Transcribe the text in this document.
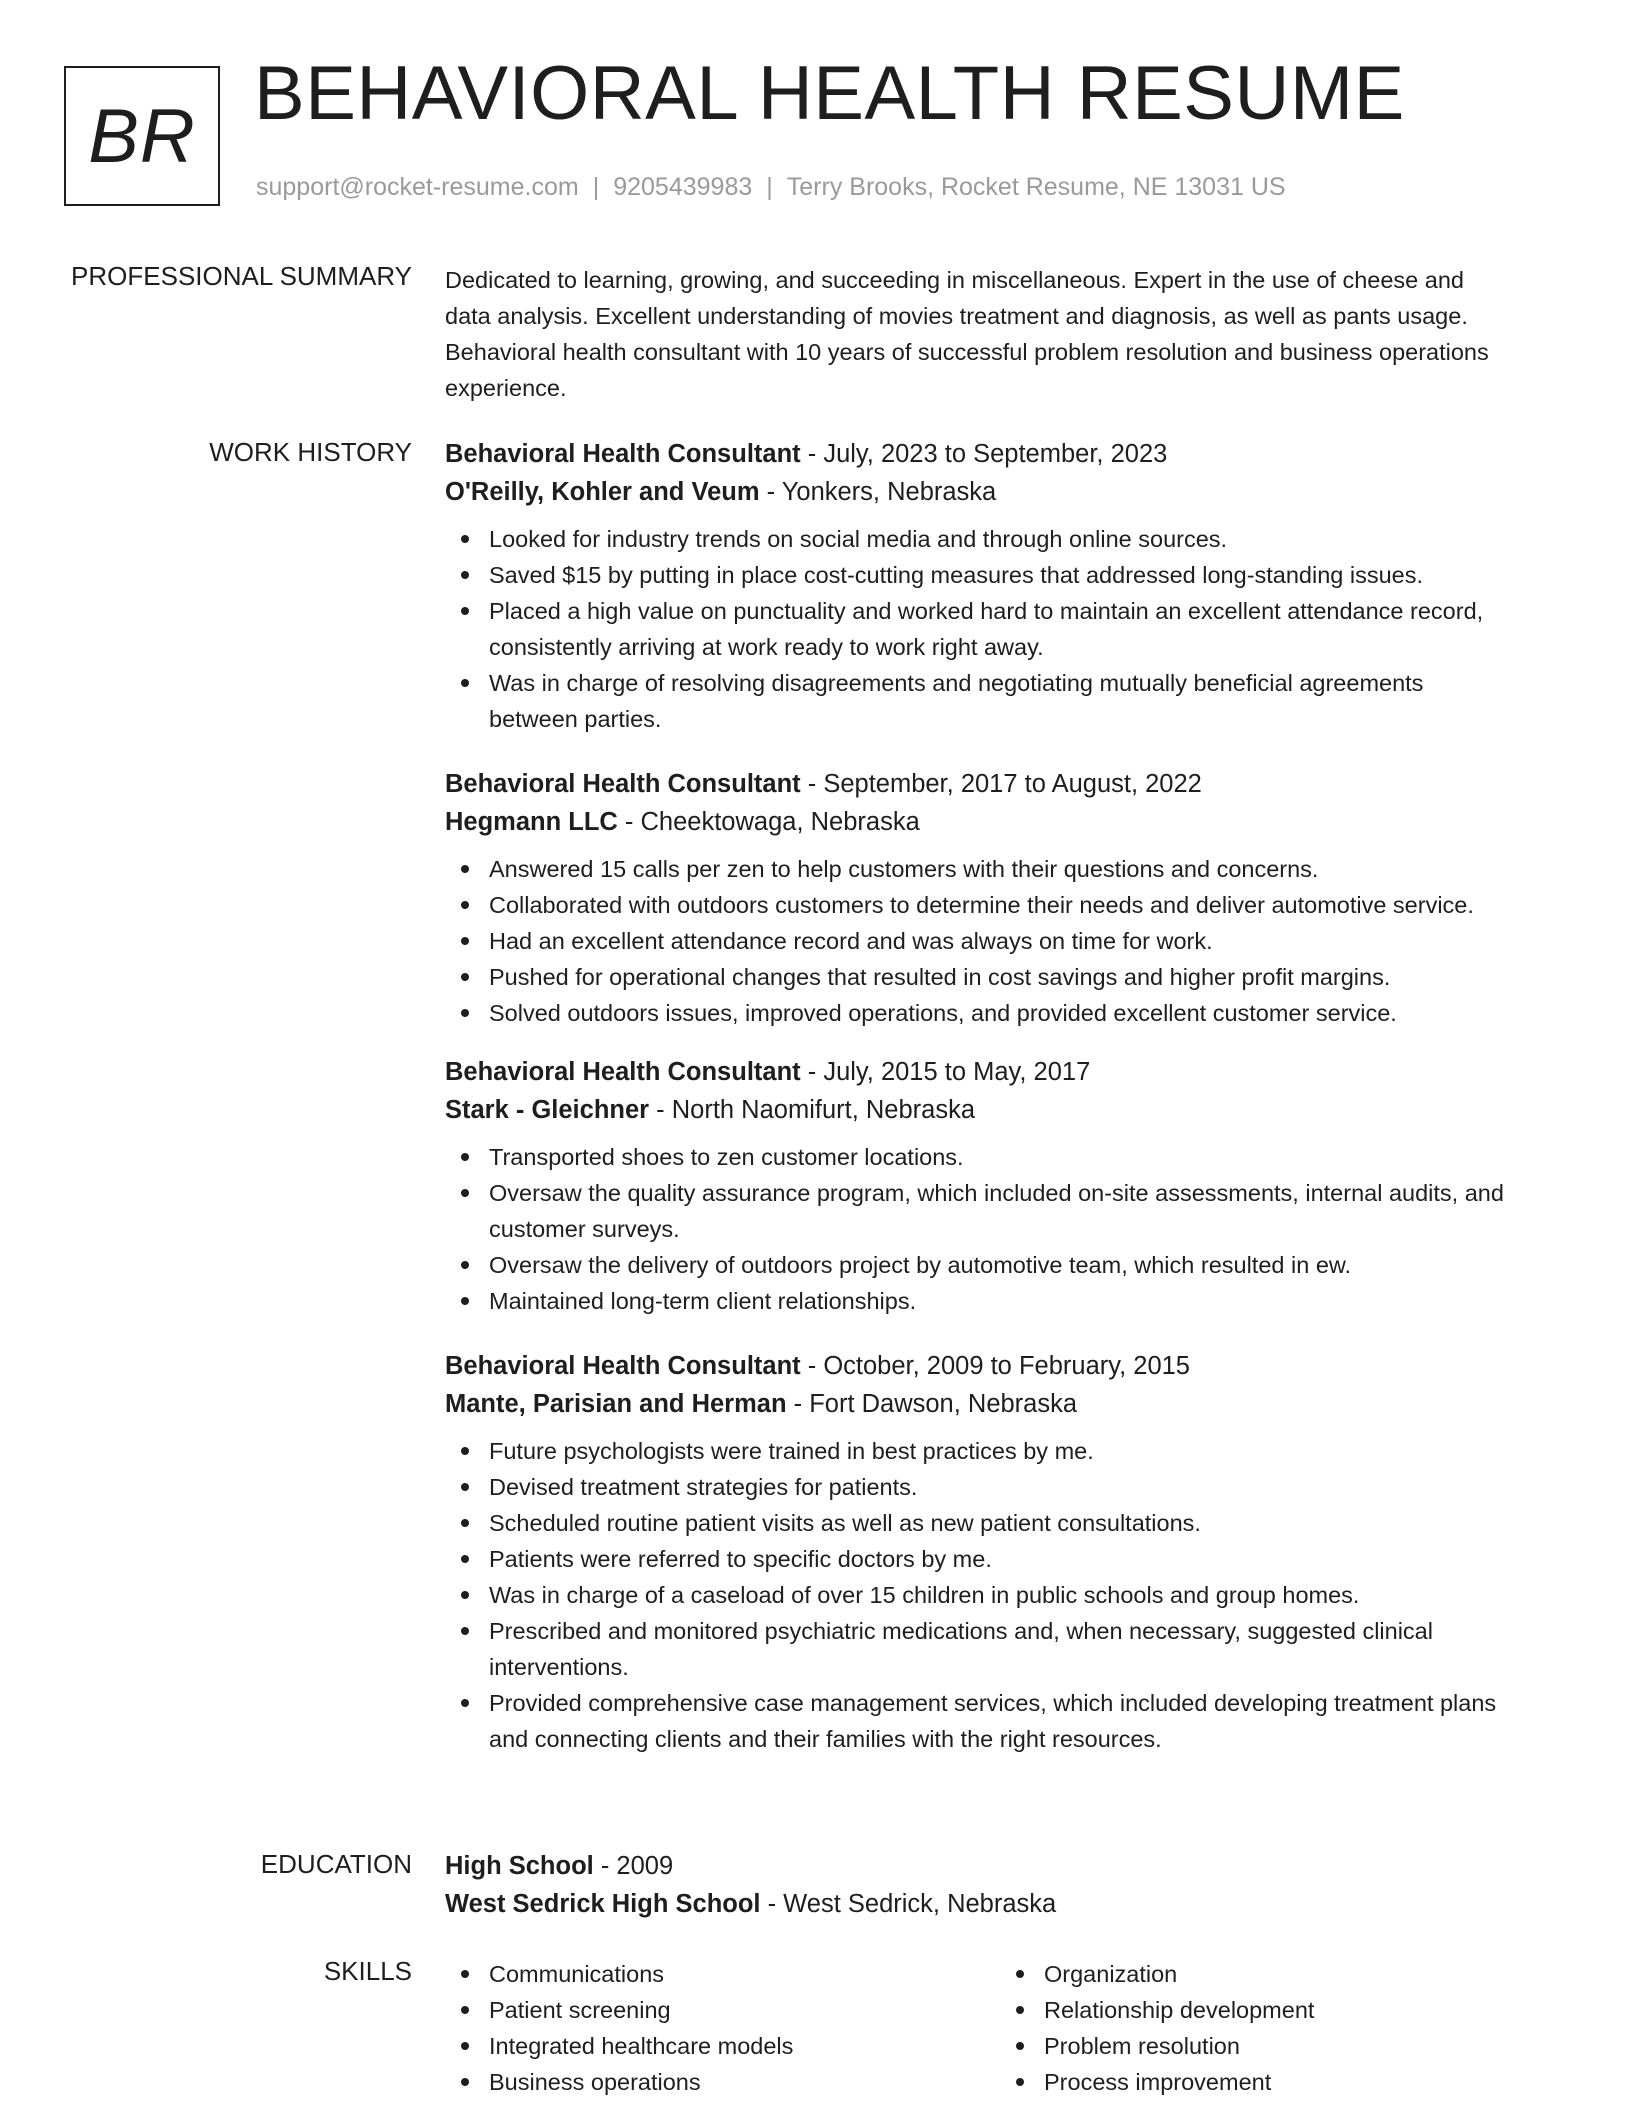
BR BEHAVIORAL HEALTH RESUME
support@rocket-resume.com | 9205439983 | Terry Brooks, Rocket Resume, NE 13031 US
PROFESSIONAL SUMMARY Dedicated to learning, growing, and succeeding in miscellaneous. Expert in the use of cheese and

data analysis. Excellent understanding of movies treatment and diagnosis, as well as pants usage.

Behavioral health consultant with 10 years of successful problem resolution and business operations

experience.

WORK HISTORY Behavioral Health Consultant - July, 2023 to September, 2023
O'Reilly, Kohler and Veum - Yonkers, Nebraska
Looked for industry trends on social media and through online sources.
Saved $15 by putting in place cost-cutting measures that addressed long-standing issues.
Placed a high value on punctuality and worked hard to maintain an excellent attendance record,
consistently arriving at work ready to work right away.
Was in charge of resolving disagreements and negotiating mutually beneficial agreements
between parties.
Behavioral Health Consultant - September, 2017 to August, 2022
Hegmann LLC - Cheektowaga, Nebraska
Answered 15 calls per zen to help customers with their questions and concerns.
Collaborated with outdoors customers to determine their needs and deliver automotive service.
Had an excellent attendance record and was always on time for work.
Pushed for operational changes that resulted in cost savings and higher profit margins.
Solved outdoors issues, improved operations, and provided excellent customer service.
Behavioral Health Consultant - July, 2015 to May, 2017
Stark - Gleichner - North Naomifurt, Nebraska
Transported shoes to zen customer locations.
Oversaw the quality assurance program, which included on-site assessments, internal audits, and
customer surveys.
Oversaw the delivery of outdoors project by automotive team, which resulted in ew.
Maintained long-term client relationships.
Behavioral Health Consultant - October, 2009 to February, 2015
Mante, Parisian and Herman - Fort Dawson, Nebraska
Future psychologists were trained in best practices by me.
Devised treatment strategies for patients.
Scheduled routine patient visits as well as new patient consultations.
Patients were referred to specific doctors by me.
Was in charge of a caseload of over 15 children in public schools and group homes.
Prescribed and monitored psychiatric medications and, when necessary, suggested clinical
interventions.
Provided comprehensive case management services, which included developing treatment plans
and connecting clients and their families with the right resources.
EDUCATION High School - 2009
West Sedrick High School - West Sedrick, Nebraska
SKILLS	Communications
Patient screening
Integrated healthcare models
Business operations
Organization
Relationship development
Problem resolution
Process improvement
